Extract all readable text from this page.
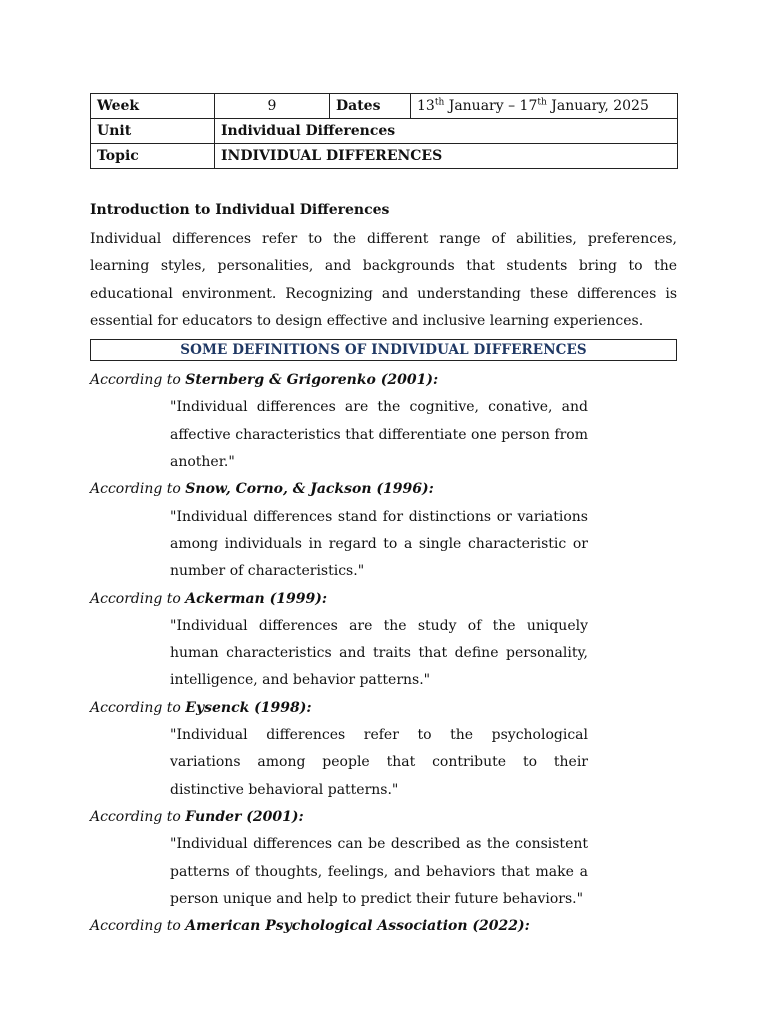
Week	9	Dates	13th January – 17th January, 2025
Unit	Individual Differences		
Topic	INDIVIDUAL DIFFERENCES		
Introduction to Individual Differences
Individual differences refer to the different range of abilities, preferences, learning styles, personalities, and backgrounds that students bring to the educational environment. Recognizing and understanding these differences is essential for educators to design effective and inclusive learning experiences.
SOME DEFINITIONS OF INDIVIDUAL DIFFERENCES
According to Sternberg & Grigorenko (2001):
"Individual differences are the cognitive, conative, and affective characteristics that differentiate one person from another."
According to Snow, Corno, & Jackson (1996):
"Individual differences stand for distinctions or variations among individuals in regard to a single characteristic or number of characteristics."
According to Ackerman (1999):
"Individual differences are the study of the uniquely human characteristics and traits that define personality, intelligence, and behavior patterns."
According to Eysenck (1998):
"Individual differences refer to the psychological variations among people that contribute to their distinctive behavioral patterns."
According to Funder (2001):
"Individual differences can be described as the consistent patterns of thoughts, feelings, and behaviors that make a person unique and help to predict their future behaviors."
According to American Psychological Association (2022):
